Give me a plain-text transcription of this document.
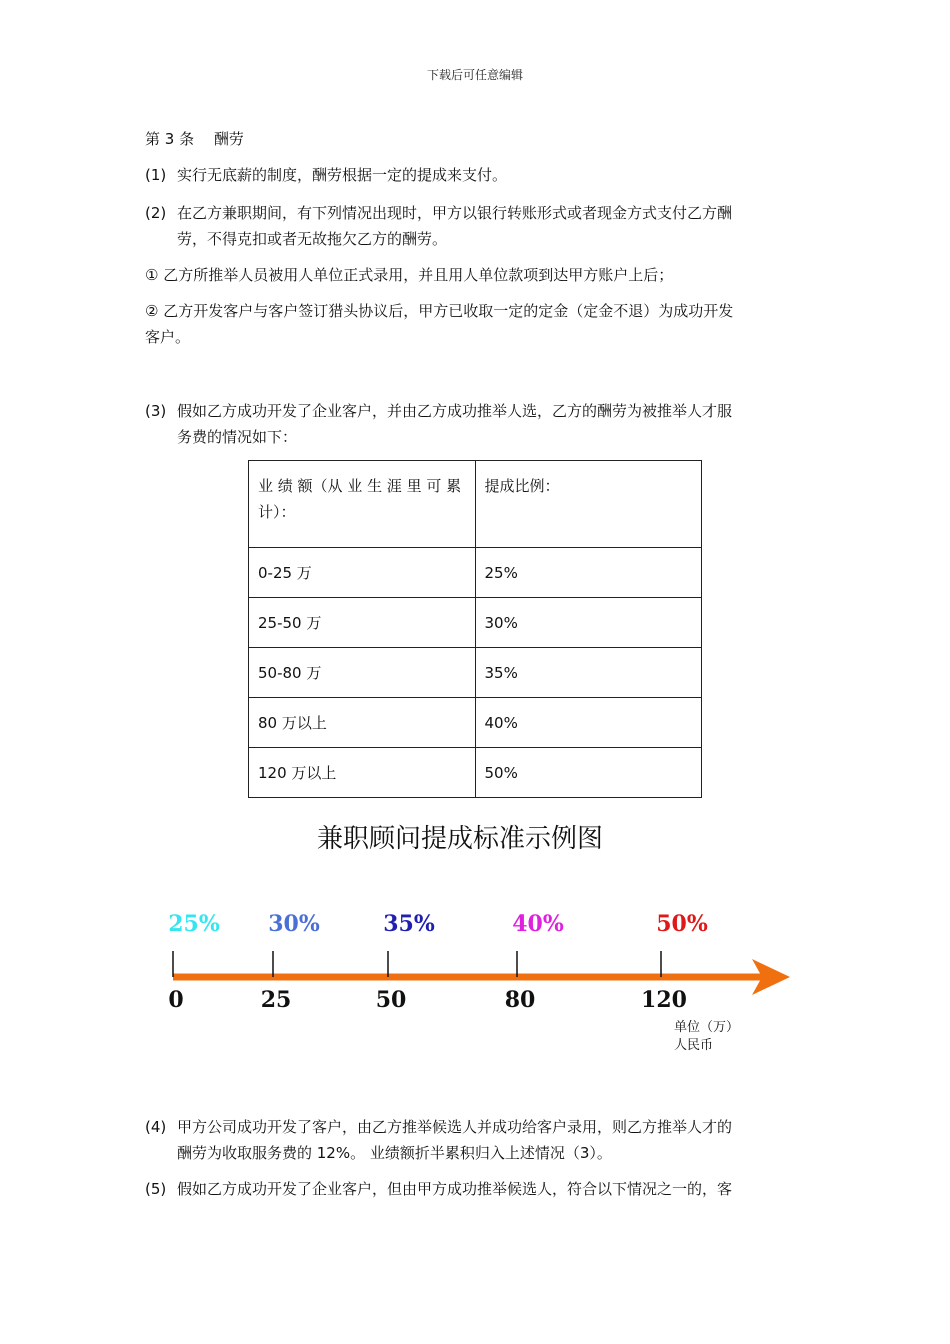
下载后可任意编辑
第 3 条　 酬劳
(1) 实行无底薪的制度，酬劳根据一定的提成来支付。
(2) 在乙方兼职期间，有下列情况出现时，甲方以银行转账形式或者现金方式支付乙方酬
劳，不得克扣或者无故拖欠乙方的酬劳。
① 乙方所推举人员被用人单位正式录用，并且用人单位款项到达甲方账户上后；
② 乙方开发客户与客户签订猎头协议后，甲方已收取一定的定金（定金不退）为成功开发
客户。
(3) 假如乙方成功开发了企业客户，并由乙方成功推举人选，乙方的酬劳为被推举人才服
务费的情况如下：
业 绩 额（从 业 生 涯 里 可 累
计）：	提成比例：
0-25 万	25%
25-50 万	30%
50-80 万	35%
80 万以上	40%
120 万以上	50%
兼职顾问提成标准示例图
0
25%
25
30%
50
35%
80
40%
120
50%
单位（万）
人民币
(4) 甲方公司成功开发了客户，由乙方推举候选人并成功给客户录用，则乙方推举人才的
酬劳为收取服务费的 12%。 业绩额折半累积归入上述情况（3）。
(5) 假如乙方成功开发了企业客户，但由甲方成功推举候选人，符合以下情况之一的，客
